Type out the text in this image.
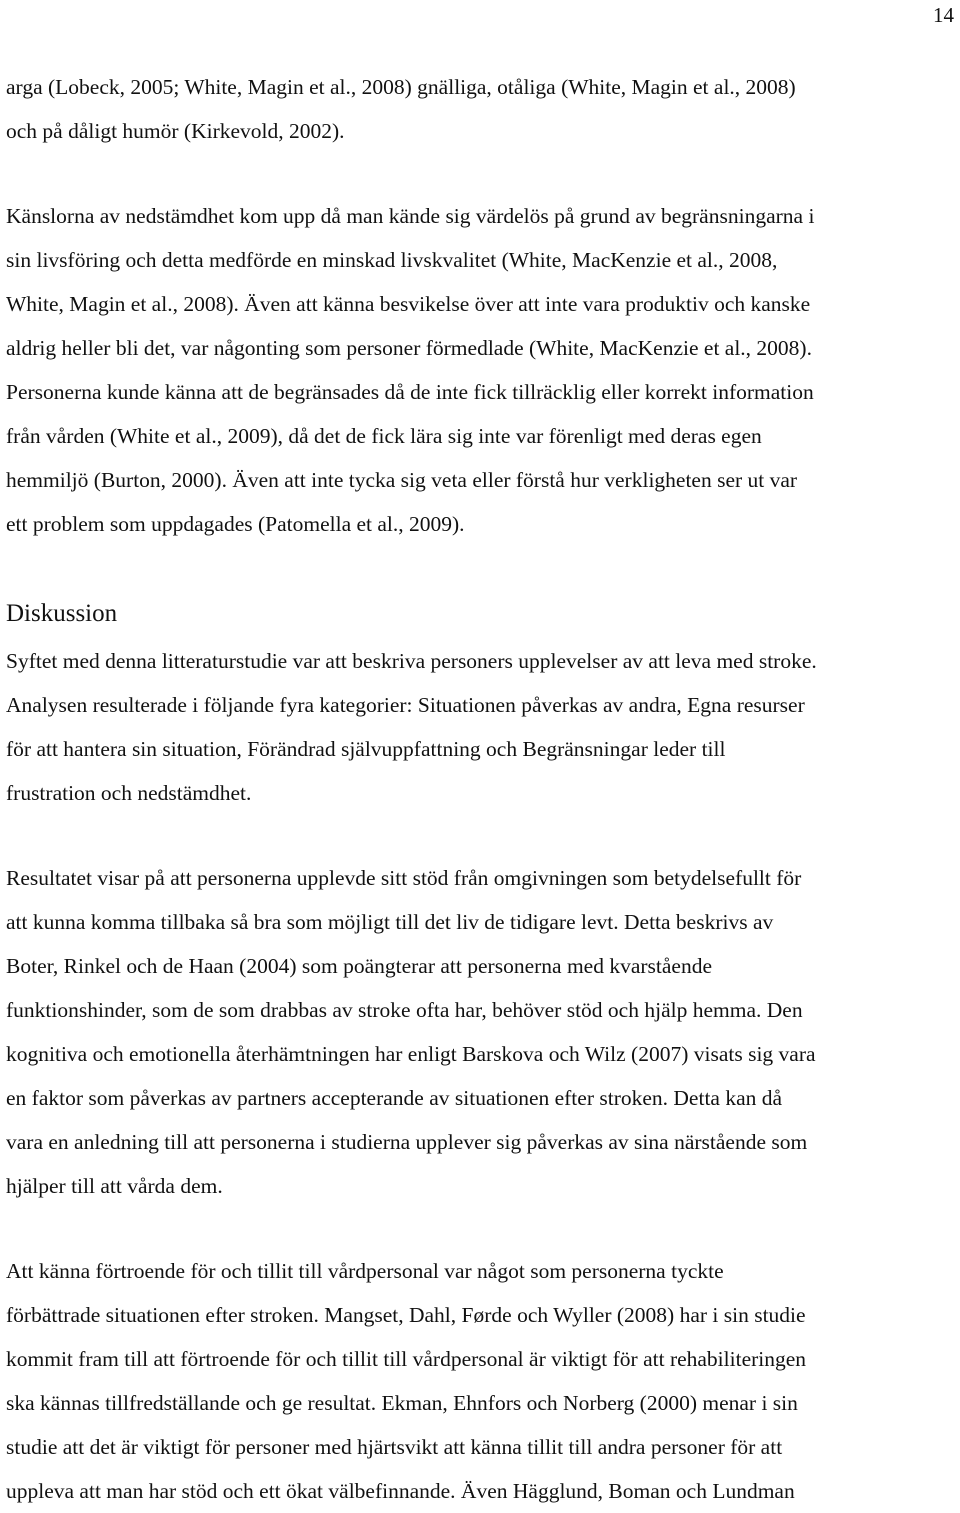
14

arga (Lobeck, 2005; White, Magin et al., 2008) gnälliga, otåliga (White, Magin et al., 2008)
och på dåligt humör (Kirkevold, 2002).

Känslorna av nedstämdhet kom upp då man kände sig värdelös på grund av begränsningarna i
sin livsföring och detta medförde en minskad livskvalitet (White, MacKenzie et al., 2008,
White, Magin et al., 2008). Även att känna besvikelse över att inte vara produktiv och kanske
aldrig heller bli det, var någonting som personer förmedlade (White, MacKenzie et al., 2008).
Personerna kunde känna att de begränsades då de inte fick tillräcklig eller korrekt information
från vården (White et al., 2009), då det de fick lära sig inte var förenligt med deras egen
hemmiljö (Burton, 2000). Även att inte tycka sig veta eller förstå hur verkligheten ser ut var
ett problem som uppdagades (Patomella et al., 2009).

Diskussion

Syftet med denna litteraturstudie var att beskriva personers upplevelser av att leva med stroke.
Analysen resulterade i följande fyra kategorier: Situationen påverkas av andra, Egna resurser
för att hantera sin situation, Förändrad självuppfattning och Begränsningar leder till
frustration och nedstämdhet.

Resultatet visar på att personerna upplevde sitt stöd från omgivningen som betydelsefullt för
att kunna komma tillbaka så bra som möjligt till det liv de tidigare levt. Detta beskrivs av
Boter, Rinkel och de Haan (2004) som poängterar att personerna med kvarstående
funktionshinder, som de som drabbas av stroke ofta har, behöver stöd och hjälp hemma. Den
kognitiva och emotionella återhämtningen har enligt Barskova och Wilz (2007) visats sig vara
en faktor som påverkas av partners accepterande av situationen efter stroken. Detta kan då
vara en anledning till att personerna i studierna upplever sig påverkas av sina närstående som
hjälper till att vårda dem.

Att känna förtroende för och tillit till vårdpersonal var något som personerna tyckte
förbättrade situationen efter stroken. Mangset, Dahl, Førde och Wyller (2008) har i sin studie
kommit fram till att förtroende för och tillit till vårdpersonal är viktigt för att rehabiliteringen
ska kännas tillfredställande och ge resultat. Ekman, Ehnfors och Norberg (2000) menar i sin
studie att det är viktigt för personer med hjärtsvikt att känna tillit till andra personer för att
uppleva att man har stöd och ett ökat välbefinnande. Även Hägglund, Boman och Lundman
